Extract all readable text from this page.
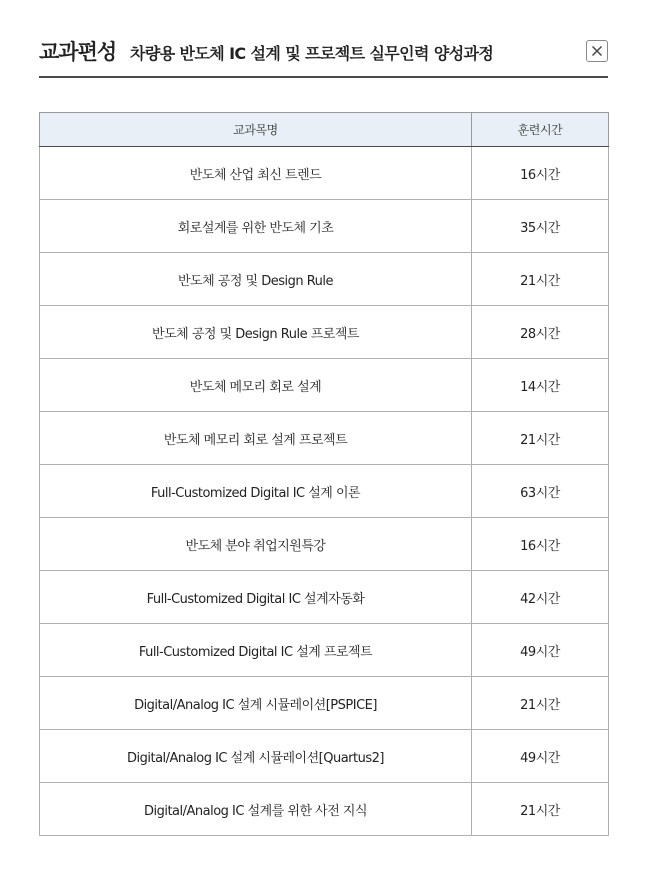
교과편성 차량용 반도체 IC 설계 및 프로젝트 실무인력 양성과정
교과목명	훈련시간
반도체 산업 최신 트렌드	16시간
회로설계를 위한 반도체 기초	35시간
반도체 공정 및 Design Rule	21시간
반도체 공정 및 Design Rule 프로젝트	28시간
반도체 메모리 회로 설계	14시간
반도체 메모리 회로 설계 프로젝트	21시간
Full-Customized Digital IC 설계 이론	63시간
반도체 분야 취업지원특강	16시간
Full-Customized Digital IC 설계자동화	42시간
Full-Customized Digital IC 설계 프로젝트	49시간
Digital/Analog IC 설계 시뮬레이션[PSPICE]	21시간
Digital/Analog IC 설계 시뮬레이션[Quartus2]	49시간
Digital/Analog IC 설계를 위한 사전 지식	21시간
